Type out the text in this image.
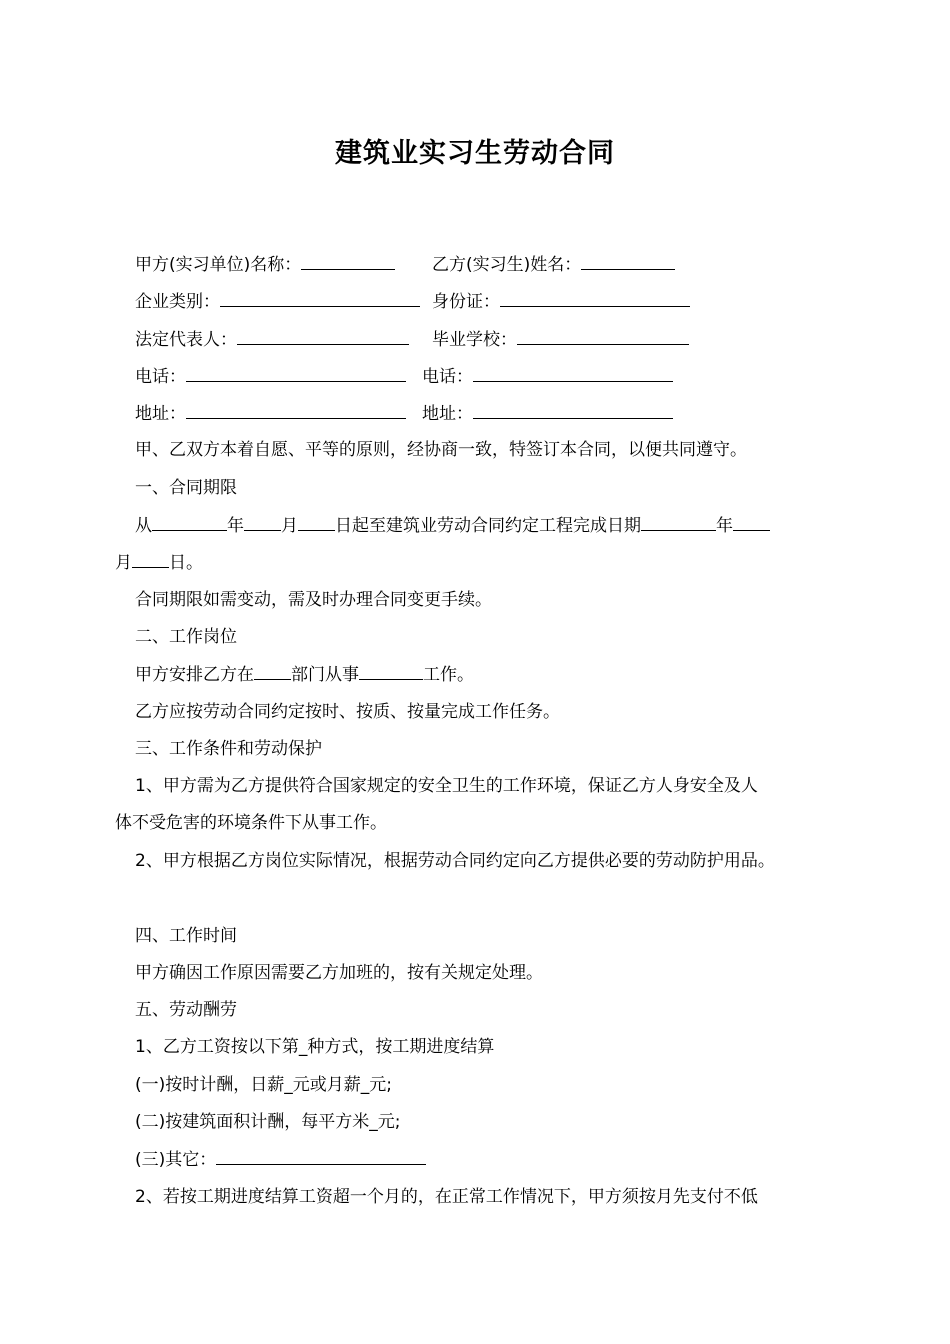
建筑业实习生劳动合同
甲方(实习单位)名称：	乙方(实习生)姓名：
企业类别：	身份证：
法定代表人：	毕业学校：
电话：	电话：
地址：	地址：
甲、乙双方本着自愿、平等的原则，经协商一致，特签订本合同，以便共同遵守。
一、合同期限
从	年 月 日起至建筑业劳动合同约定工程完成日期	年
月 日。
合同期限如需变动，需及时办理合同变更手续。
二、工作岗位
甲方安排乙方在 部门从事	工作。
乙方应按劳动合同约定按时、按质、按量完成工作任务。
三、工作条件和劳动保护
1、甲方需为乙方提供符合国家规定的安全卫生的工作环境，保证乙方人身安全及人
体不受危害的环境条件下从事工作。
2、甲方根据乙方岗位实际情况，根据劳动合同约定向乙方提供必要的劳动防护用品。
四、工作时间
甲方确因工作原因需要乙方加班的，按有关规定处理。
五、劳动酬劳
1、乙方工资按以下第_种方式，按工期进度结算
(一)按时计酬，日薪_元或月薪_元;
(二)按建筑面积计酬，每平方米_元;
(三)其它：
2、若按工期进度结算工资超一个月的，在正常工作情况下，甲方须按月先支付不低
